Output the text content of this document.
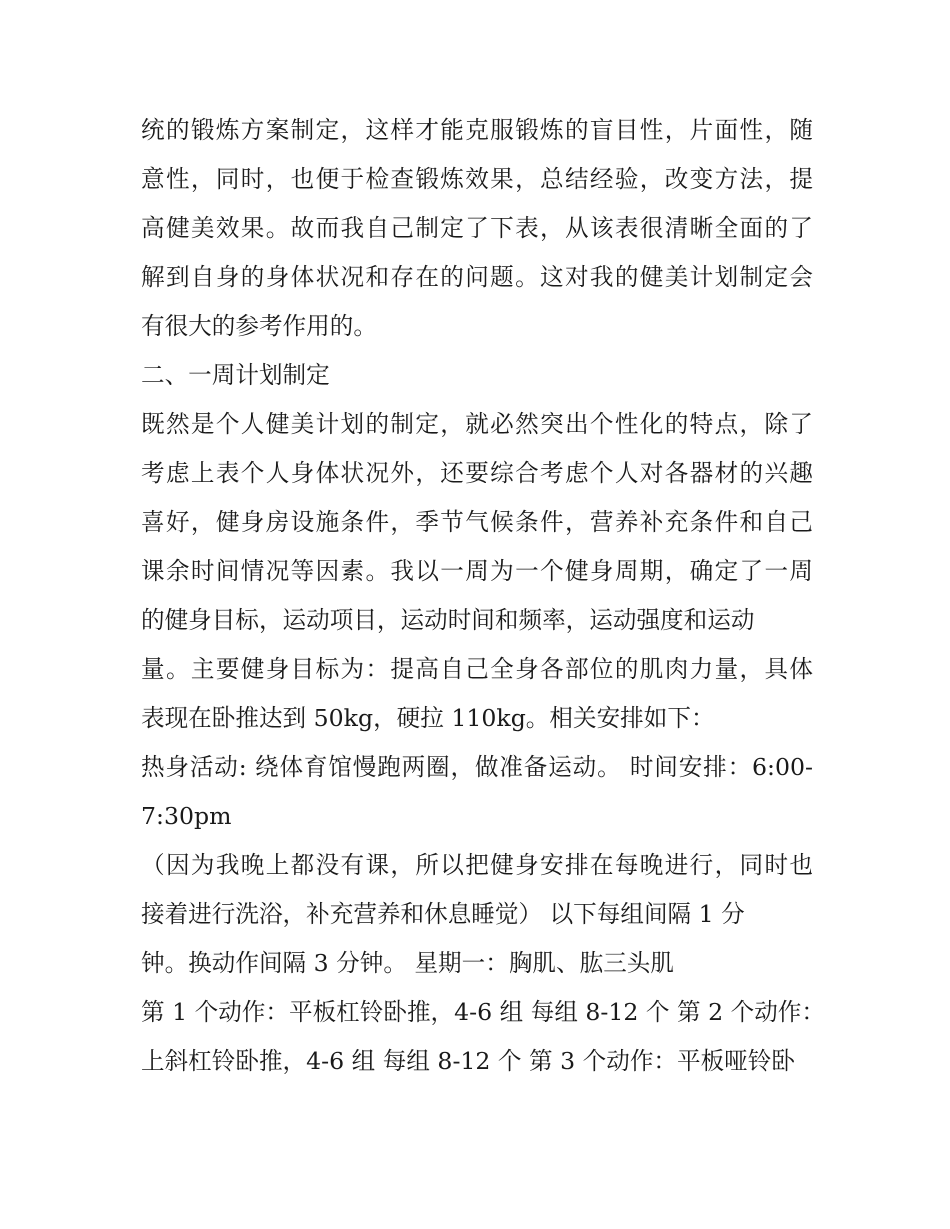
统的锻炼方案制定，这样才能克服锻炼的盲目性，片面性，随
意性，同时，也便于检查锻炼效果，总结经验，改变方法，提
高健美效果。故而我自己制定了下表，从该表很清晰全面的了
解到自身的身体状况和存在的问题。这对我的健美计划制定会
有很大的参考作用的。
二、一周计划制定
既然是个人健美计划的制定，就必然突出个性化的特点，除了
考虑上表个人身体状况外，还要综合考虑个人对各器材的兴趣
喜好，健身房设施条件，季节气候条件，营养补充条件和自己
课余时间情况等因素。我以一周为一个健身周期，确定了一周
的健身目标，运动项目，运动时间和频率，运动强度和运动
量。主要健身目标为：提高自己全身各部位的肌肉力量，具体
表现在卧推达到 50kg，硬拉 110kg。相关安排如下：
热身活动: 绕体育馆慢跑两圈，做准备运动。 时间安排：6:00-
7:30pm
（因为我晚上都没有课，所以把健身安排在每晚进行，同时也
接着进行洗浴，补充营养和休息睡觉） 以下每组间隔 1 分
钟。换动作间隔 3 分钟。 星期一：胸肌、肱三头肌
第 1 个动作：平板杠铃卧推，4-6 组 每组 8-12 个 第 2 个动作：
上斜杠铃卧推，4-6 组 每组 8-12 个 第 3 个动作：平板哑铃卧
